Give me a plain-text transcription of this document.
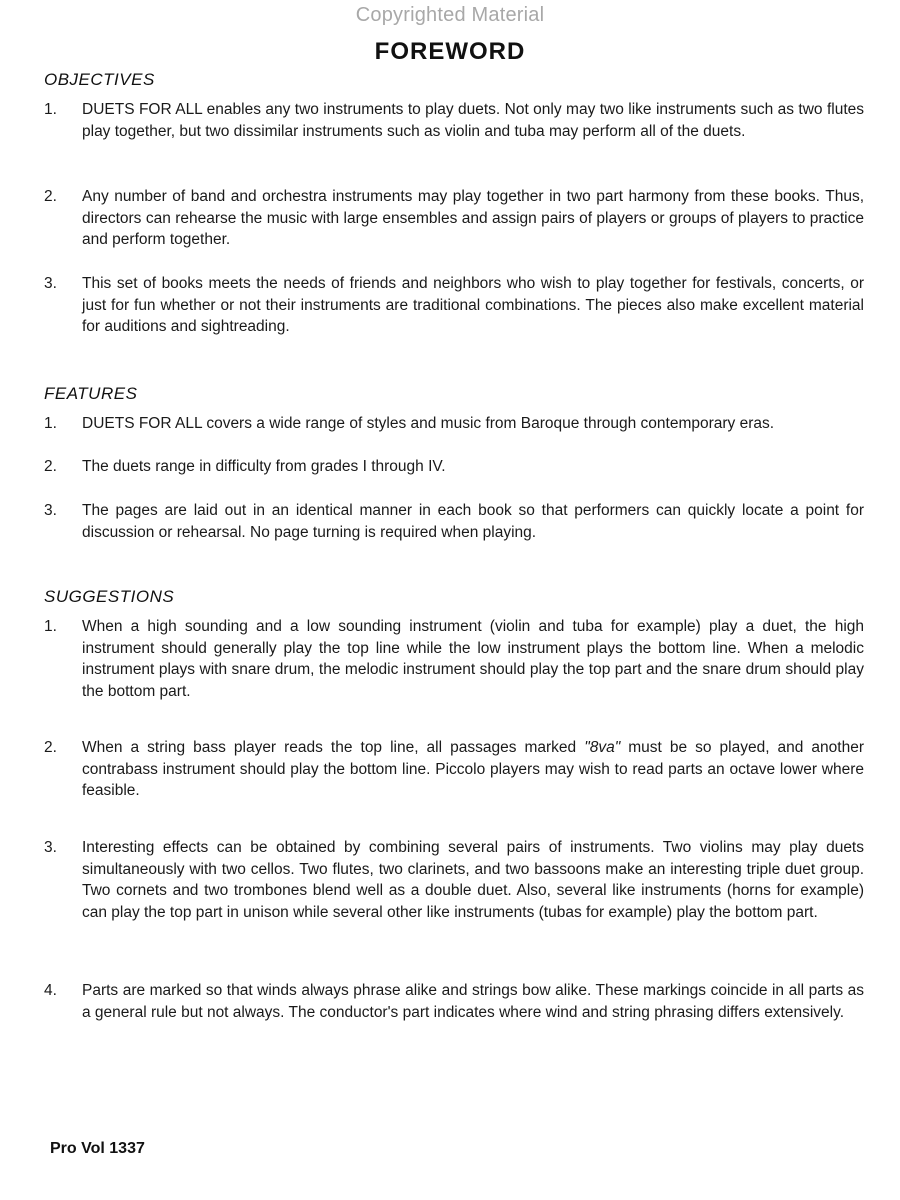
Copyrighted Material
FOREWORD
OBJECTIVES
1.	DUETS FOR ALL enables any two instruments to play duets. Not only may two like instruments such as two flutes play together, but two dissimilar instruments such as violin and tuba may perform all of the duets.
2.	Any number of band and orchestra instruments may play together in two part harmony from these books. Thus, directors can rehearse the music with large ensembles and assign pairs of players or groups of players to practice and perform together.
3.	This set of books meets the needs of friends and neighbors who wish to play together for festivals, concerts, or just for fun whether or not their instruments are traditional combinations. The pieces also make excellent material for auditions and sightreading.
FEATURES
1.	DUETS FOR ALL covers a wide range of styles and music from Baroque through contemporary eras.
2.	The duets range in difficulty from grades I through IV.
3.	The pages are laid out in an identical manner in each book so that performers can quickly locate a point for discussion or rehearsal. No page turning is required when playing.
SUGGESTIONS
1.	When a high sounding and a low sounding instrument (violin and tuba for example) play a duet, the high instrument should generally play the top line while the low instrument plays the bottom line. When a melodic instrument plays with snare drum, the melodic instrument should play the top part and the snare drum should play the bottom part.
2.	When a string bass player reads the top line, all passages marked "8va" must be so played, and another contrabass instrument should play the bottom line. Piccolo players may wish to read parts an octave lower where feasible.
3.	Interesting effects can be obtained by combining several pairs of instruments. Two violins may play duets simultaneously with two cellos. Two flutes, two clarinets, and two bassoons make an interesting triple duet group. Two cornets and two trombones blend well as a double duet. Also, several like instruments (horns for example) can play the top part in unison while several other like instruments (tubas for example) play the bottom part.
4.	Parts are marked so that winds always phrase alike and strings bow alike. These markings coincide in all parts as a general rule but not always. The conductor's part indicates where wind and string phrasing differs extensively.
Pro Vol 1337
